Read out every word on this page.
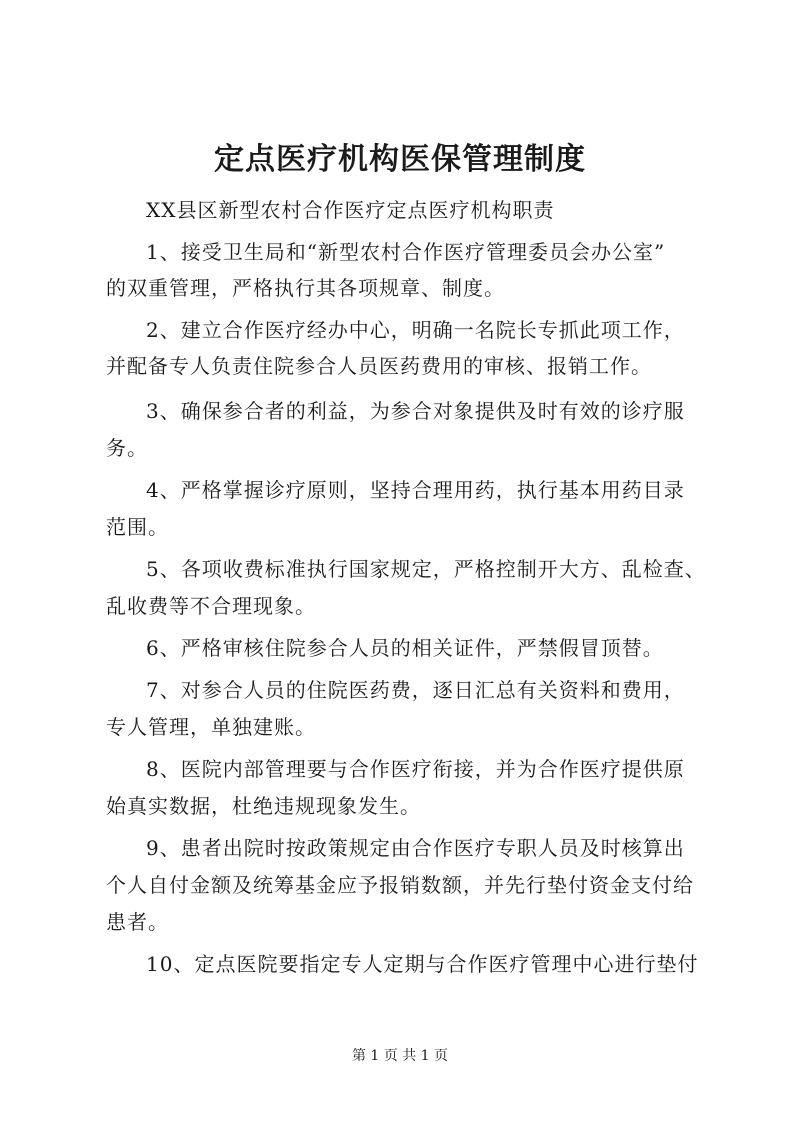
定点医疗机构医保管理制度
XX县区新型农村合作医疗定点医疗机构职责
1、接受卫生局和“新型农村合作医疗管理委员会办公室”
的双重管理，严格执行其各项规章、制度。
2、建立合作医疗经办中心，明确一名院长专抓此项工作，
并配备专人负责住院参合人员医药费用的审核、报销工作。
3、确保参合者的利益，为参合对象提供及时有效的诊疗服
务。
4、严格掌握诊疗原则，坚持合理用药，执行基本用药目录
范围。
5、各项收费标准执行国家规定，严格控制开大方、乱检查、
乱收费等不合理现象。
6、严格审核住院参合人员的相关证件，严禁假冒顶替。
7、对参合人员的住院医药费，逐日汇总有关资料和费用，
专人管理，单独建账。
8、医院内部管理要与合作医疗衔接，并为合作医疗提供原
始真实数据，杜绝违规现象发生。
9、患者出院时按政策规定由合作医疗专职人员及时核算出
个人自付金额及统筹基金应予报销数额，并先行垫付资金支付给
患者。
10、定点医院要指定专人定期与合作医疗管理中心进行垫付
第 1 页 共 1 页
